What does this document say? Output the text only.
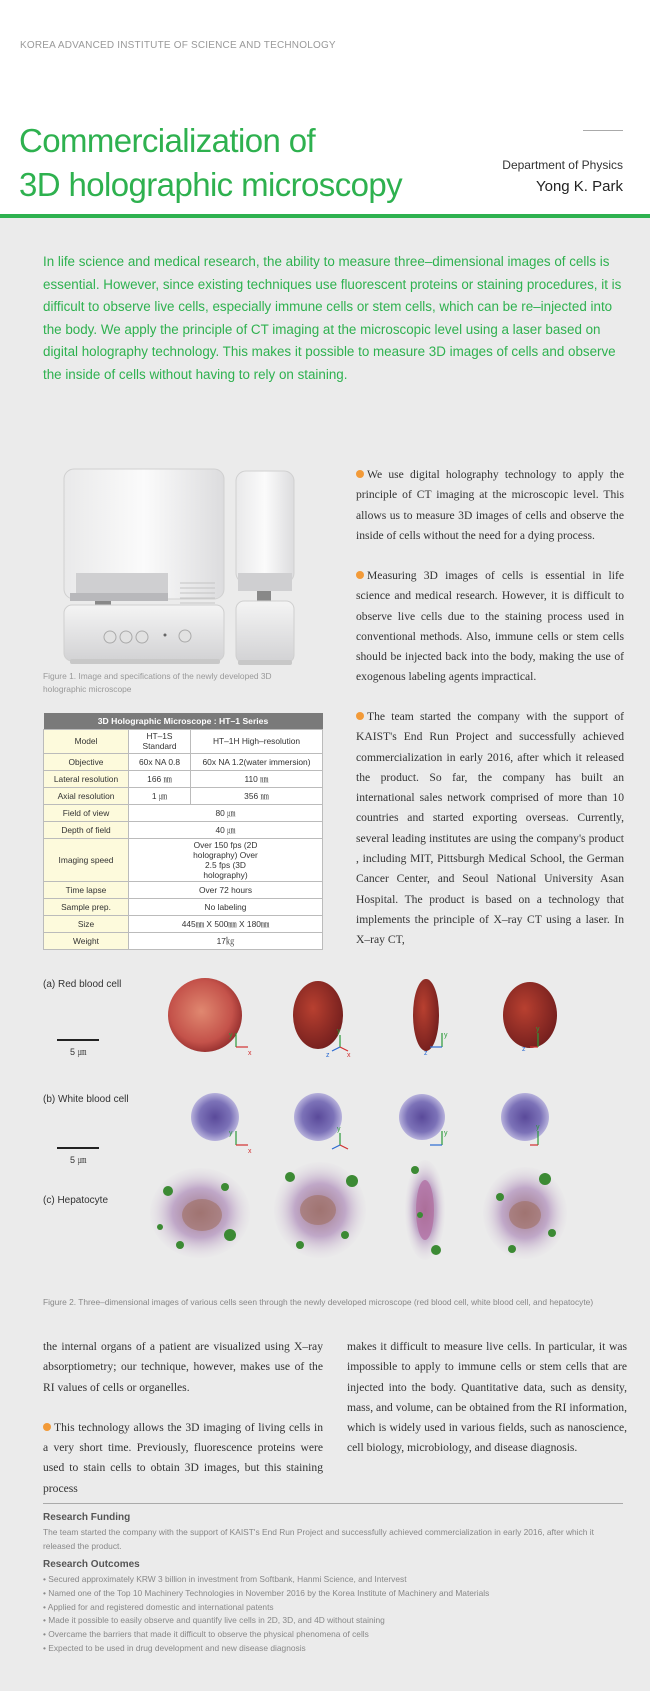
KOREA ADVANCED INSTITUTE OF SCIENCE AND TECHNOLOGY
Commercialization of
3D holographic microscopy
Department of Physics
Yong K. Park

In life science and medical research, the ability to measure three–dimensional images of cells is essential. However, since existing techniques use fluorescent proteins or staining procedures, it is difficult to observe live cells, especially immune cells or stem cells, which can be re–injected into the body. We apply the principle of CT imaging at the microscopic level using a laser based on digital holography technology. This makes it possible to measure 3D images of cells and observe the inside of cells without having to rely on staining.

Figure 1. Image and specifications of the newly developed 3D holographic microscope
3D Holographic Microscope : HT–1 Series		
Model	HT–1S Standard	HT–1H High–resolution
Objective	60x NA 0.8	60x NA 1.2(water immersion)
Lateral resolution	166 ㎚	110 ㎚
Axial resolution	1 ㎛	356 ㎚
Field of view	80 ㎛	
Depth of field	40 ㎛	
Imaging speed	Over 150 fps (2D holography) Over 2.5 fps (3D holography)	
Time lapse	Over 72 hours	
Sample prep.	No labeling	
Size	445㎜ X 500㎜ X 180㎜	
Weight	17㎏	

We use digital holography technology to apply the principle of CT imaging at the microscopic level. This allows us to measure 3D images of cells and observe the inside of cells without the need for a dying process.

Measuring 3D images of cells is essential in life science and medical research. However, it is difficult to observe live cells due to the staining process used in conventional methods. Also, immune cells or stem cells should be injected back into the body, making the use of exogenous labeling agents impractical.

The team started the company with the support of KAIST's End Run Project and successfully achieved commercialization in early 2016, after which it released the product. So far, the company has built an international sales network comprised of more than 10 countries and started exporting overseas. Currently, several leading institutes are using the company's product , including MIT, Pittsburgh Medical School, the German Cancer Center, and Seoul National University Asan Hospital. The product is based on a technology that implements the principle of X–ray CT using a laser. In X–ray CT,

(a) Red blood cell
5 ㎛
(b) White blood cell
5 ㎛
(c) Hepatocyte
y
x
y
z	x
y
z
y
z
y
x
y
y
y
Figure 2. Three–dimensional images of various cells seen through the newly developed microscope (red blood cell, white blood cell, and hepatocyte)

the internal organs of a patient are visualized using X–ray absorptiometry; our technique, however, makes use of the RI values of cells or organelles.

This technology allows the 3D imaging of living cells in a very short time. Previously, fluorescence proteins were used to stain cells to obtain 3D images, but this staining process

makes it difficult to measure live cells. In particular, it was impossible to apply to immune cells or stem cells that are injected into the body. Quantitative data, such as density, mass, and volume, can be obtained from the RI information, which is widely used in various fields, such as nanoscience, cell biology, microbiology, and disease diagnosis.

Research Funding
The team started the company with the support of KAIST's End Run Project and successfully achieved commercialization in early 2016, after which it released the product.
Research Outcomes
• Secured approximately KRW 3 billion in investment from Softbank, Hanmi Science, and Intervest
• Named one of the Top 10 Machinery Technologies in November 2016 by the Korea Institute of Machinery and Materials
• Applied for and registered domestic and international patents
• Made it possible to easily observe and quantify live cells in 2D, 3D, and 4D without staining
• Overcame the barriers that made it difficult to observe the physical phenomena of cells
• Expected to be used in drug development and new disease diagnosis
